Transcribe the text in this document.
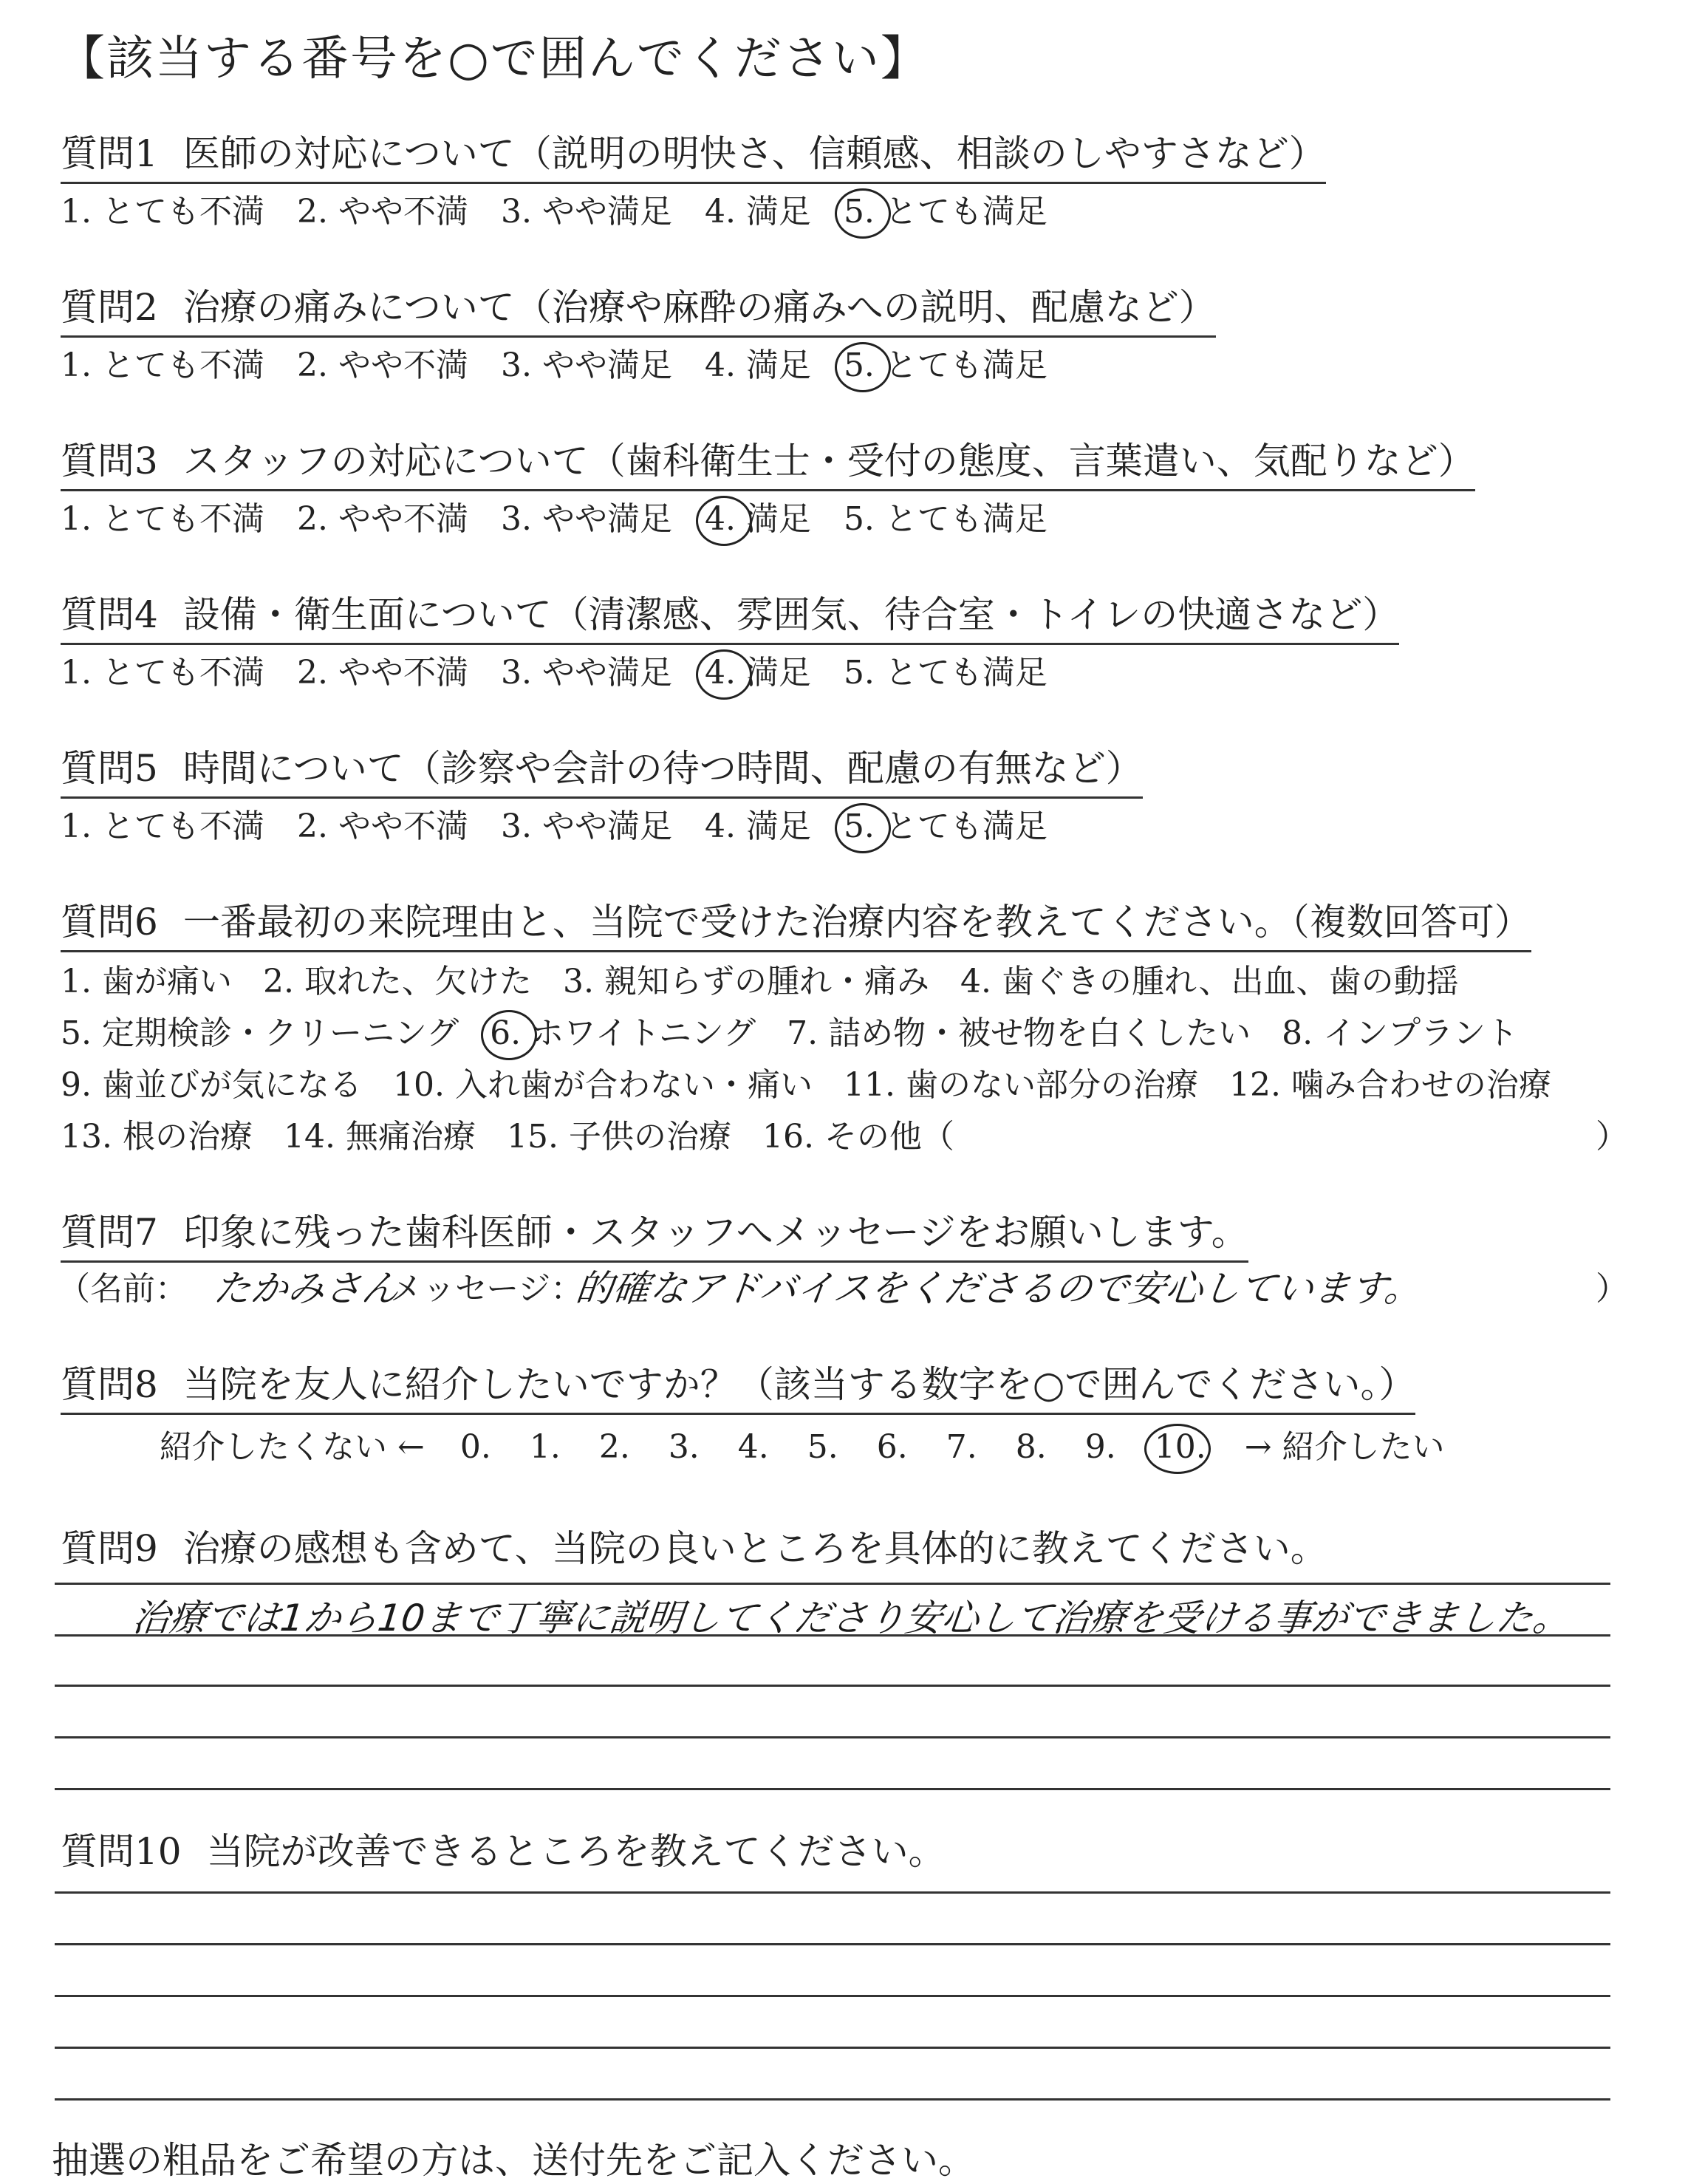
【該当する番号を○で囲んでください】
質問1 医師の対応について（説明の明快さ、信頼感、相談のしやすさなど）
1. とても不満 2. やや不満 3. やや満足 4. 満足 5. とても満足
質問2 治療の痛みについて（治療や麻酔の痛みへの説明、配慮など）
1. とても不満 2. やや不満 3. やや満足 4. 満足 5. とても満足
質問3 スタッフの対応について（歯科衛生士・受付の態度、言葉遣い、気配りなど）
1. とても不満 2. やや不満 3. やや満足 4. 満足 5. とても満足
質問4 設備・衛生面について（清潔感、雰囲気、待合室・トイレの快適さなど）
1. とても不満 2. やや不満 3. やや満足 4. 満足 5. とても満足
質問5 時間について（診察や会計の待つ時間、配慮の有無など）
1. とても不満 2. やや不満 3. やや満足 4. 満足 5. とても満足
質問6 一番最初の来院理由と、当院で受けた治療内容を教えてください。（複数回答可）
1. 歯が痛い 2. 取れた、欠けた 3. 親知らずの腫れ・痛み 4. 歯ぐきの腫れ、出血、歯の動揺
5. 定期検診・クリーニング 6. ホワイトニング 7. 詰め物・被せ物を白くしたい 8. インプラント
9. 歯並びが気になる 10. 入れ歯が合わない・痛い 11. 歯のない部分の治療 12. 噛み合わせの治療
13. 根の治療 14. 無痛治療 15. 子供の治療 16. その他（	）
質問7 印象に残った歯科医師・スタッフへメッセージをお願いします。
（名前： たかみさん
メッセージ：
的確なアドバイスをくださるので安心しています。	）
質問8 当院を友人に紹介したいですか？（該当する数字を○で囲んでください。）
紹介したくない ← 0. 1. 2. 3. 4. 5. 6. 7. 8. 9. 10. → 紹介したい
質問9 治療の感想も含めて、当院の良いところを具体的に教えてください。
治療では1から10まで丁寧に説明してくださり安心して治療を受ける事ができました。
質問10 当院が改善できるところを教えてください。
抽選の粗品をご希望の方は、送付先をご記入ください。
